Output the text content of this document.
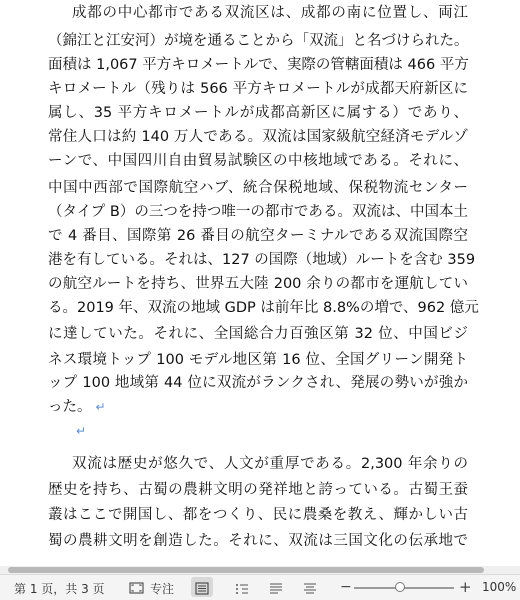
成都の中心都市である双流区は、成都の南に位置し、両江
（錦江と江安河）が境を通ることから「双流」と名づけられた。
面積は 1,067 平方キロメートルで、実際の管轄面積は 466 平方
キロメートル（残りは 566 平方キロメートルが成都天府新区に
属し、35 平方キロメートルが成都高新区に属する）であり、
常住人口は約 140 万人である。双流は国家級航空経済モデルゾ
ーンで、中国四川自由貿易試験区の中核地域である。それに、
中国中西部で国際航空ハブ、統合保税地域、保税物流センター
（タイプ B）の三つを持つ唯一の都市である。双流は、中国本土
で 4 番目、国際第 26 番目の航空ターミナルである双流国際空
港を有している。それは、127 の国際（地域）ルートを含む 359
の航空ルートを持ち、世界五大陸 200 余りの都市を運航してい
る。2019 年、双流の地域 GDP は前年比 8.8%の増で、962 億元
に達していた。それに、全国総合力百強区第 32 位、中国ビジ
ネス環境トップ 100 モデル地区第 16 位、全国グリーン開発ト
ップ 100 地域第 44 位に双流がランクされ、発展の勢いが強か
った。 ↵
↵
双流は歴史が悠久で、人文が重厚である。2,300 年余りの
歴史を持ち、古蜀の農耕文明の発祥地と誇っている。古蜀王蚕
叢はここで開国し、都をつくり、民に農桑を教え、輝かしい古
蜀の農耕文明を創造した。それに、双流は三国文化の伝承地で
第 1 页，共 3 页	专注	−	+ 100%
